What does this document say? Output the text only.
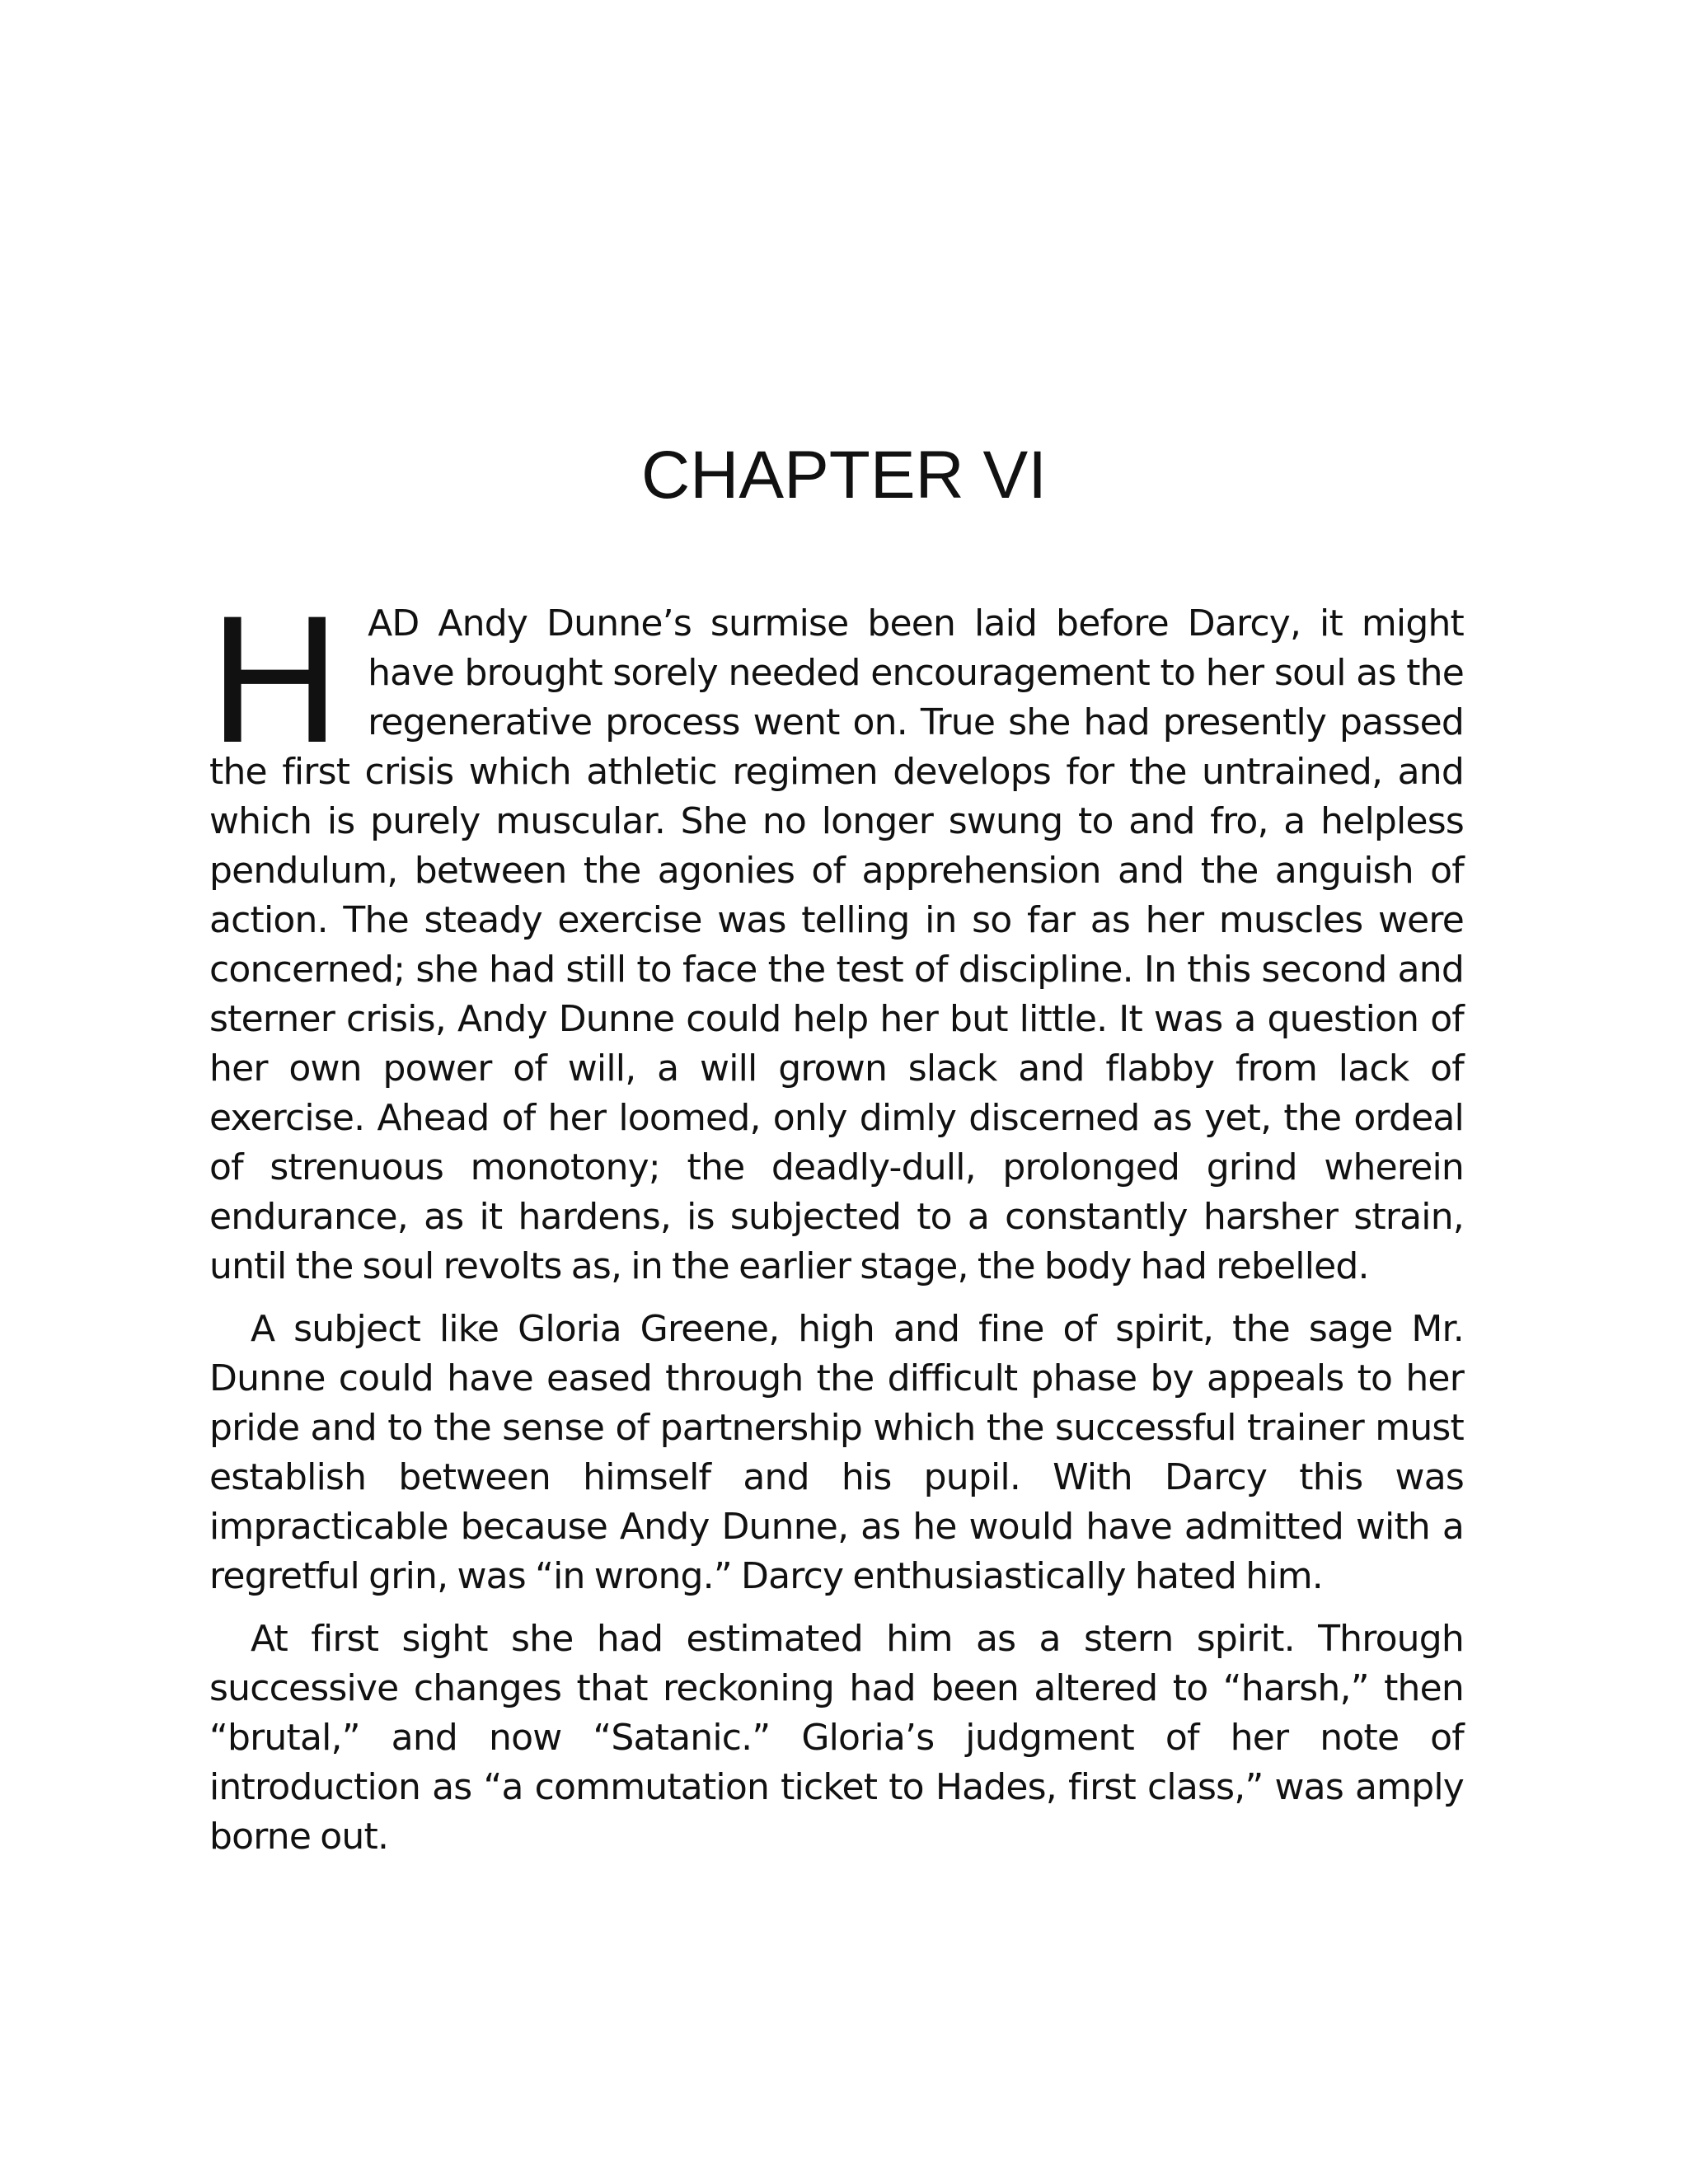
CHAPTER VI

H AD Andy Dunne’s surmise been laid before Darcy, it might have brought sorely needed encouragement to her soul as the regenerative process went on. True she had presently passed the first crisis which athletic regimen develops for the untrained, and which is purely muscular. She no longer swung to and fro, a helpless pendulum, between the agonies of apprehension and the anguish of action. The steady exercise was telling in so far as her muscles were concerned; she had still to face the test of discipline. In this second and sterner crisis, Andy Dunne could help her but little. It was a question of her own power of will, a will grown slack and flabby from lack of exercise. Ahead of her loomed, only dimly discerned as yet, the ordeal of strenuous monotony; the deadly-dull, prolonged grind wherein endurance, as it hardens, is subjected to a constantly harsher strain, until the soul revolts as, in the earlier stage, the body had rebelled.

A subject like Gloria Greene, high and fine of spirit, the sage Mr. Dunne could have eased through the difficult phase by appeals to her pride and to the sense of partnership which the successful trainer must establish between himself and his pupil. With Darcy this was impracticable because Andy Dunne, as he would have admitted with a regretful grin, was “in wrong.” Darcy enthusiastically hated him.

At first sight she had estimated him as a stern spirit. Through successive changes that reckoning had been altered to “harsh,” then “brutal,” and now “Satanic.” Gloria’s judgment of her note of introduction as “a commutation ticket to Hades, first class,” was amply borne out.
